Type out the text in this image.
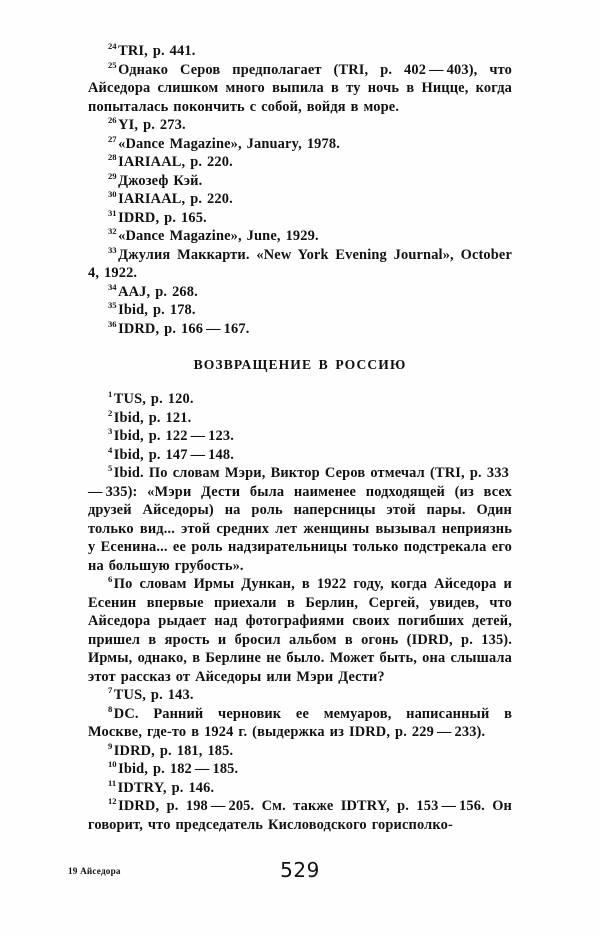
$^{24}$ TRI, p. 441.

$^{25}$ Однако Серов предполагает (TRI, p. 402 — 403), что Айседора слишком много выпила в ту ночь в Ницце, когда попыталась покончить с собой, войдя в море.

$^{26}$ YI, p. 273.

$^{27}$ «Dance Magazine», January, 1978.

$^{28}$ IARIAAL, p. 220.

$^{29}$ Джозеф Кэй.

$^{30}$ IARIAAL, p. 220.

$^{31}$ IDRD, p. 165.

$^{32}$ «Dance Magazine», June, 1929.

$^{33}$ Джулия Маккарти. «New York Evening Journal», October 4, 1922.

$^{34}$ AAJ, p. 268.

$^{35}$ Ibid, p. 178.

$^{36}$ IDRD, p. 166 — 167.

ВОЗВРАЩЕНИЕ В РОССИЮ

$^1$ TUS, p. 120.

$^2$ Ibid, p. 121.

$^3$ Ibid, p. 122 — 123.

$^4$ Ibid, p. 147 — 148.

$^5$ Ibid. По словам Мэри, Виктор Серов отмечал (TRI, p. 333 — 335): «Мэри Дести была наименее подходящей (из всех друзей Айседоры) на роль наперсницы этой пары. Один только вид... этой средних лет женщины вызывал неприязнь у Есенина... ее роль надзирательницы только подстрекала его на большую грубость».

$^6$ По словам Ирмы Дункан, в 1922 году, когда Айседора и Есенин впервые приехали в Берлин, Сергей, увидев, что Айседора рыдает над фотографиями своих погибших детей, пришел в ярость и бросил альбом в огонь (IDRD, p. 135). Ирмы, однако, в Берлине не было. Может быть, она слышала этот рассказ от Айседоры или Мэри Дести?

$^7$ TUS, p. 143.

$^8$ DC. Ранний черновик ее мемуаров, написанный в Москве, где-то в 1924 г. (выдержка из IDRD, p. 229 — 233).

$^9$ IDRD, p. 181, 185.

$^{10}$ Ibid, p. 182 — 185.

$^{11}$ IDTRY, p. 146.

$^{12}$ IDRD, p. 198 — 205. См. также IDTRY, p. 153 — 156. Он говорит, что председатель Кисловодского горисполко-

19 Айседора	529
